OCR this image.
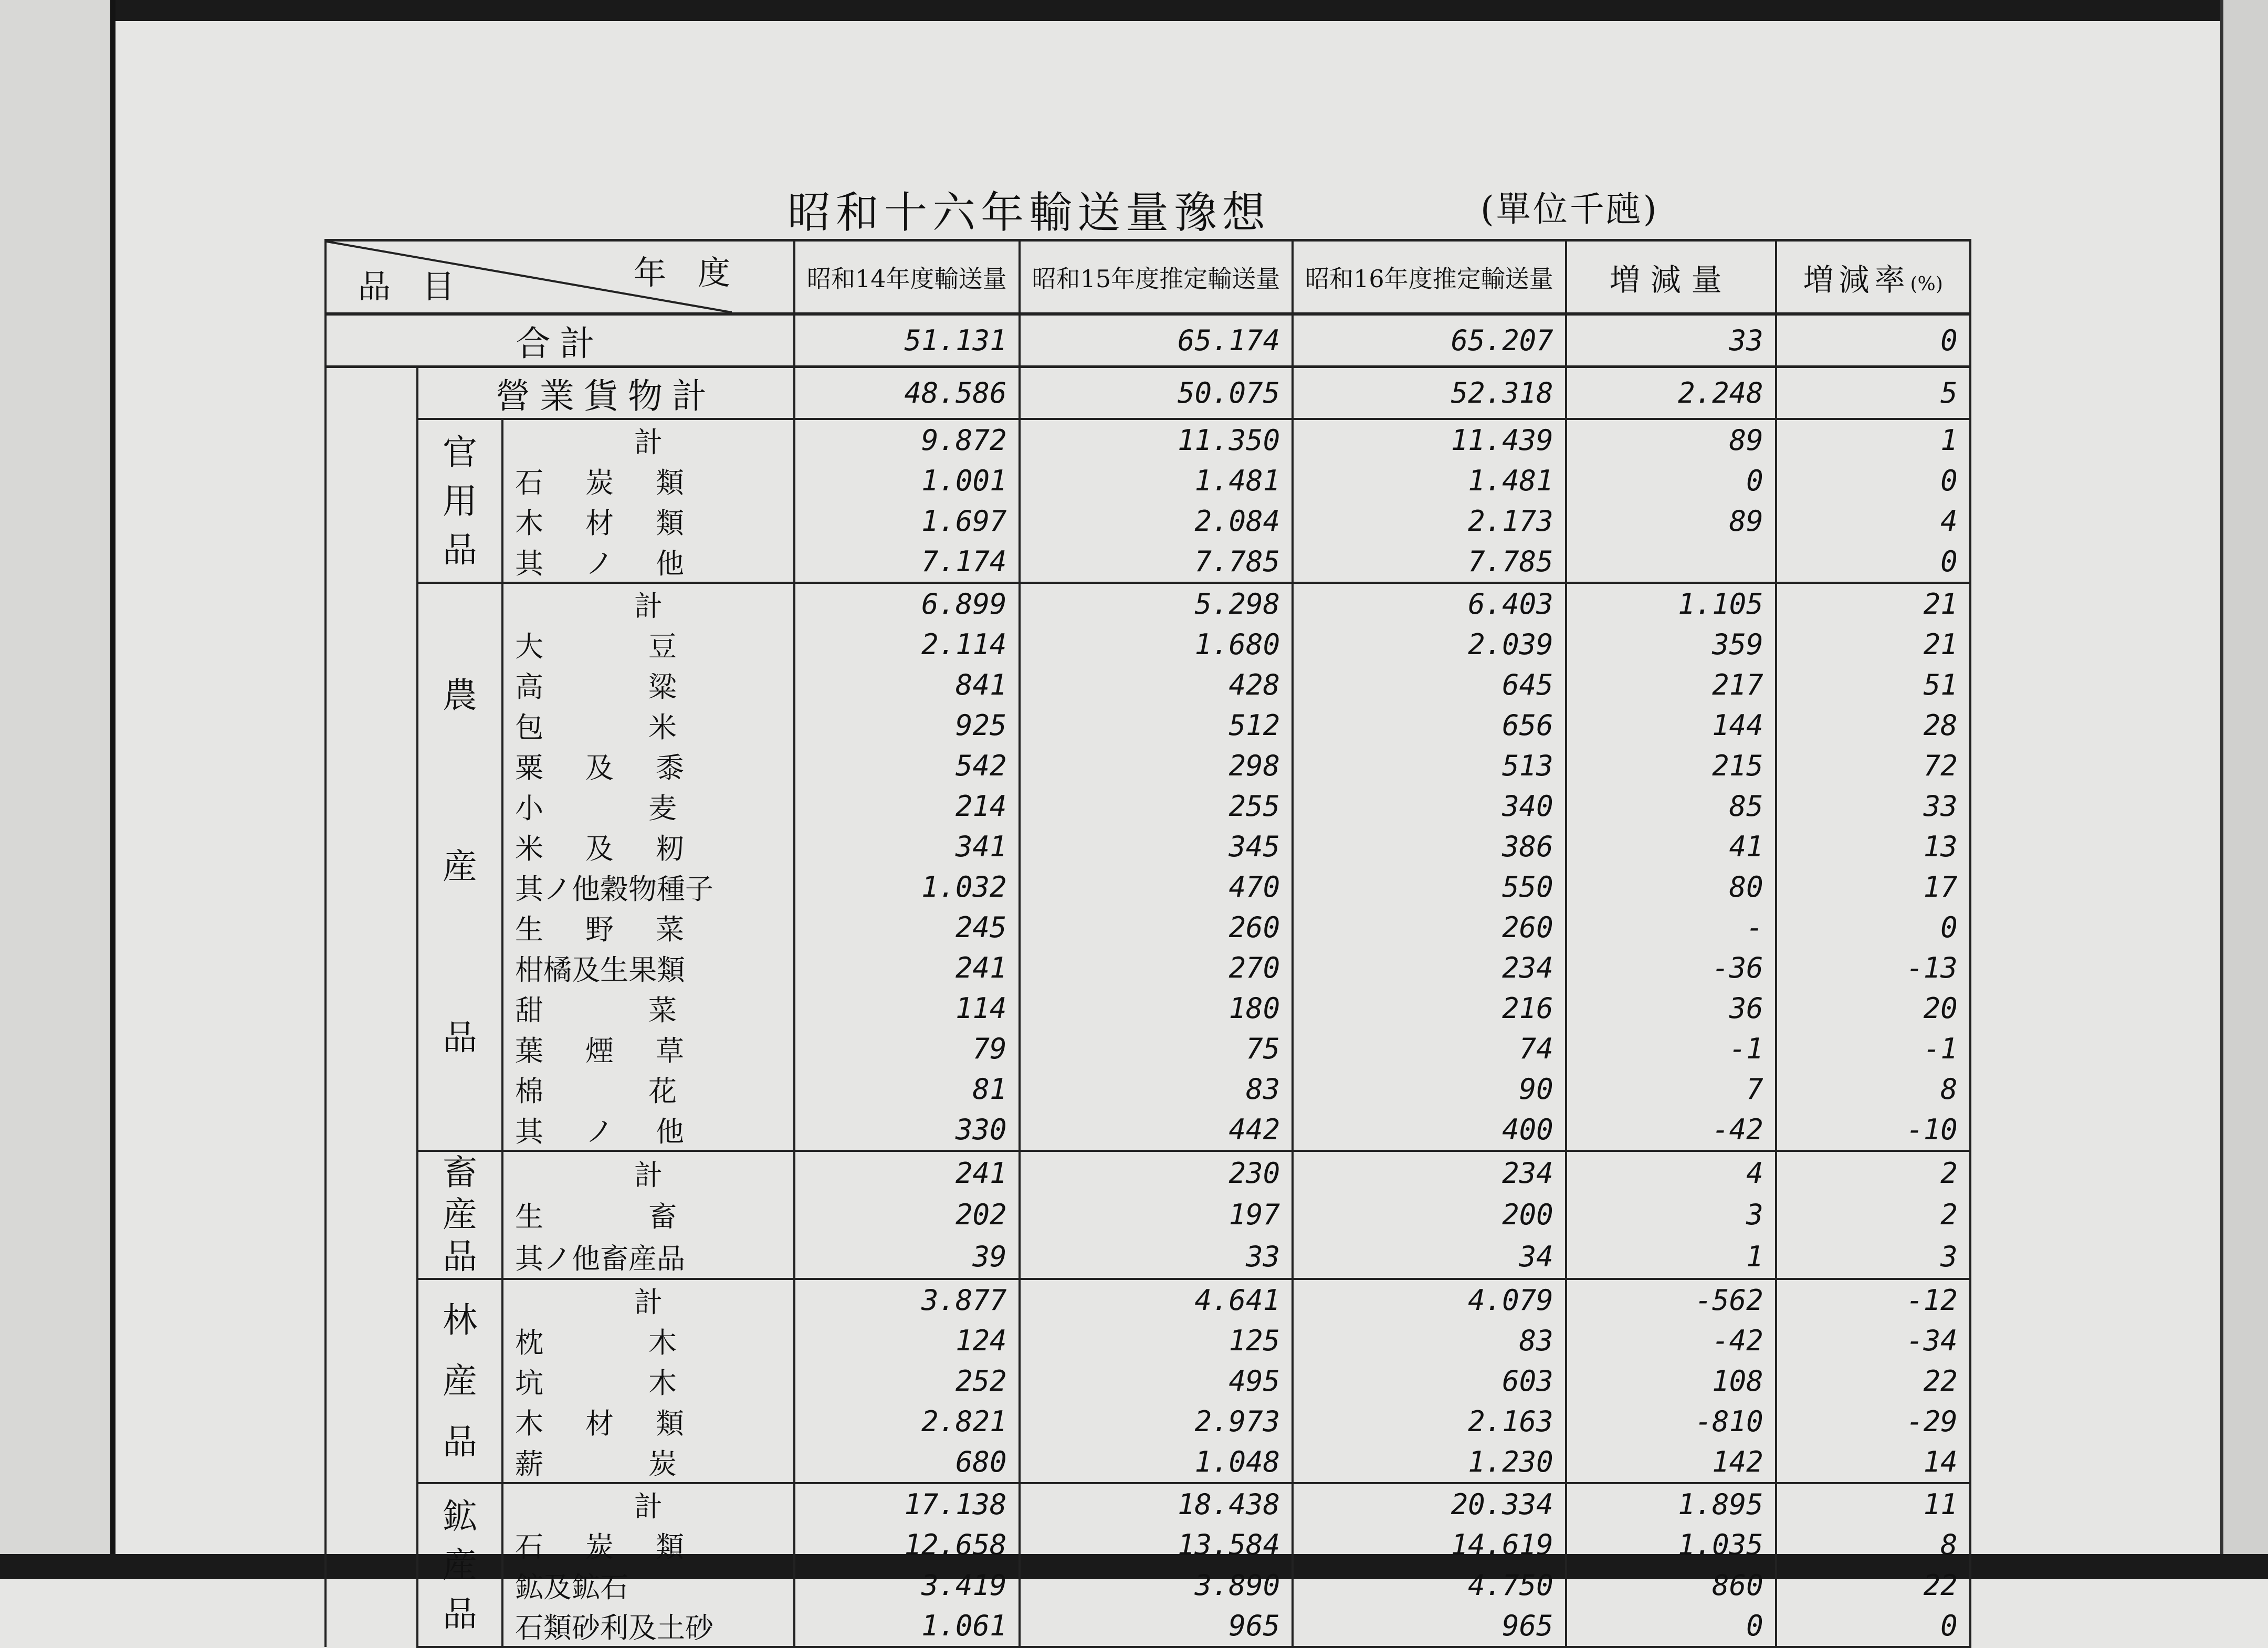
昭和十六年輸送量豫想	(單位千瓲)
年度
品目			昭和14年度輸送量	昭和15年度推定輸送量	昭和16年度推定輸送量	増減量	増減率(%)
合計			51.131	65.174	65.207	33	0
	營業貨物計		48.586	50.075	52.318	2.248	5
	官用品	計	9.872	11.350	11.439	89	1
		石炭類	1.001	1.481	1.481	0	0
		木材類	1.697	2.084	2.173	89	4
		其ノ他	7.174	7.785	7.785		0
	農産品	計	6.899	5.298	6.403	1.105	21
		大豆	2.114	1.680	2.039	359	21
		高粱	841	428	645	217	51
		包米	925	512	656	144	28
		粟及黍	542	298	513	215	72
		小麦	214	255	340	85	33
		米及籾	341	345	386	41	13
		其ノ他穀物種子	1.032	470	550	80	17
		生野菜	245	260	260	-	0
		柑橘及生果類	241	270	234	-36	-13
		甜菜	114	180	216	36	20
		葉煙草	79	75	74	-1	-1
		棉花	81	83	90	7	8
		其ノ他	330	442	400	-42	-10
	畜産品	計	241	230	234	4	2
		生畜	202	197	200	3	2
		其ノ他畜産品	39	33	34	1	3
	林産品	計	3.877	4.641	4.079	-562	-12
		枕木	124	125	83	-42	-34
		坑木	252	495	603	108	22
		木材類	2.821	2.973	2.163	-810	-29
		薪炭	680	1.048	1.230	142	14
	鉱産品	計	17.138	18.438	20.334	1.895	11
		石炭類	12.658	13.584	14.619	1.035	8
		鉱及鉱石	3.419	3.890	4.750	860	22
		石類砂利及土砂	1.061	965	965	0	0
